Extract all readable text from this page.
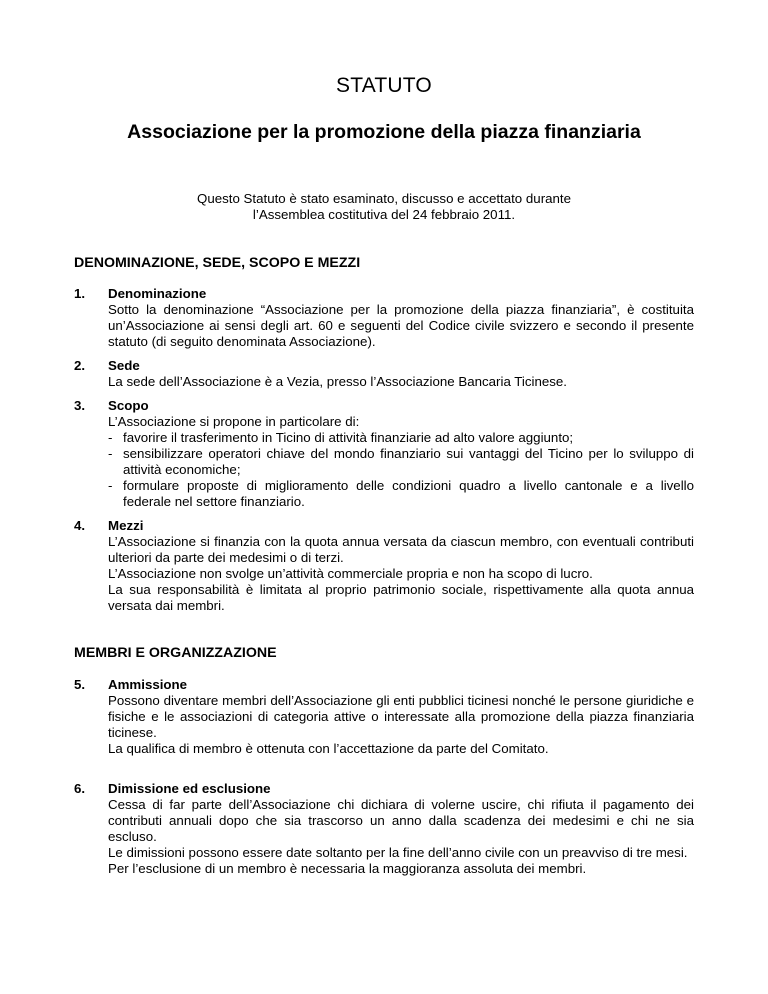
STATUTO
Associazione per la promozione della piazza finanziaria
Questo Statuto è stato esaminato, discusso e accettato durante
l’Assemblea costitutiva del 24 febbraio 2011.
DENOMINAZIONE, SEDE, SCOPO E MEZZI
1.	Denominazione
Sotto la denominazione “Associazione per la promozione della piazza finanziaria”, è costituita un’Associazione ai sensi degli art. 60 e seguenti del Codice civile svizzero e secondo il presente statuto (di seguito denominata Associazione).
2.	Sede
La sede dell’Associazione è a Vezia, presso l’Associazione Bancaria Ticinese.
3.	Scopo
L’Associazione si propone in particolare di:
- favorire il trasferimento in Ticino di attività finanziarie ad alto valore aggiunto;
- sensibilizzare operatori chiave del mondo finanziario sui vantaggi del Ticino per lo sviluppo di attività economiche;
- formulare proposte di miglioramento delle condizioni quadro a livello cantonale e a livello federale nel settore finanziario.
4.	Mezzi
L’Associazione si finanzia con la quota annua versata da ciascun membro, con eventuali contributi ulteriori da parte dei medesimi o di terzi.
L’Associazione non svolge un’attività commerciale propria e non ha scopo di lucro.
La sua responsabilità è limitata al proprio patrimonio sociale, rispettivamente alla quota annua versata dai membri.
MEMBRI E ORGANIZZAZIONE
5.	Ammissione
Possono diventare membri dell’Associazione gli enti pubblici ticinesi nonché le persone giuridiche e fisiche e le associazioni di categoria attive o interessate alla promozione della piazza finanziaria ticinese.
La qualifica di membro è ottenuta con l’accettazione da parte del Comitato.
6.	Dimissione ed esclusione
Cessa di far parte dell’Associazione chi dichiara di volerne uscire, chi rifiuta il pagamento dei contributi annuali dopo che sia trascorso un anno dalla scadenza dei medesimi e chi ne sia escluso.
Le dimissioni possono essere date soltanto per la fine dell’anno civile con un preavviso di tre mesi.
Per l’esclusione di un membro è necessaria la maggioranza assoluta dei membri.
